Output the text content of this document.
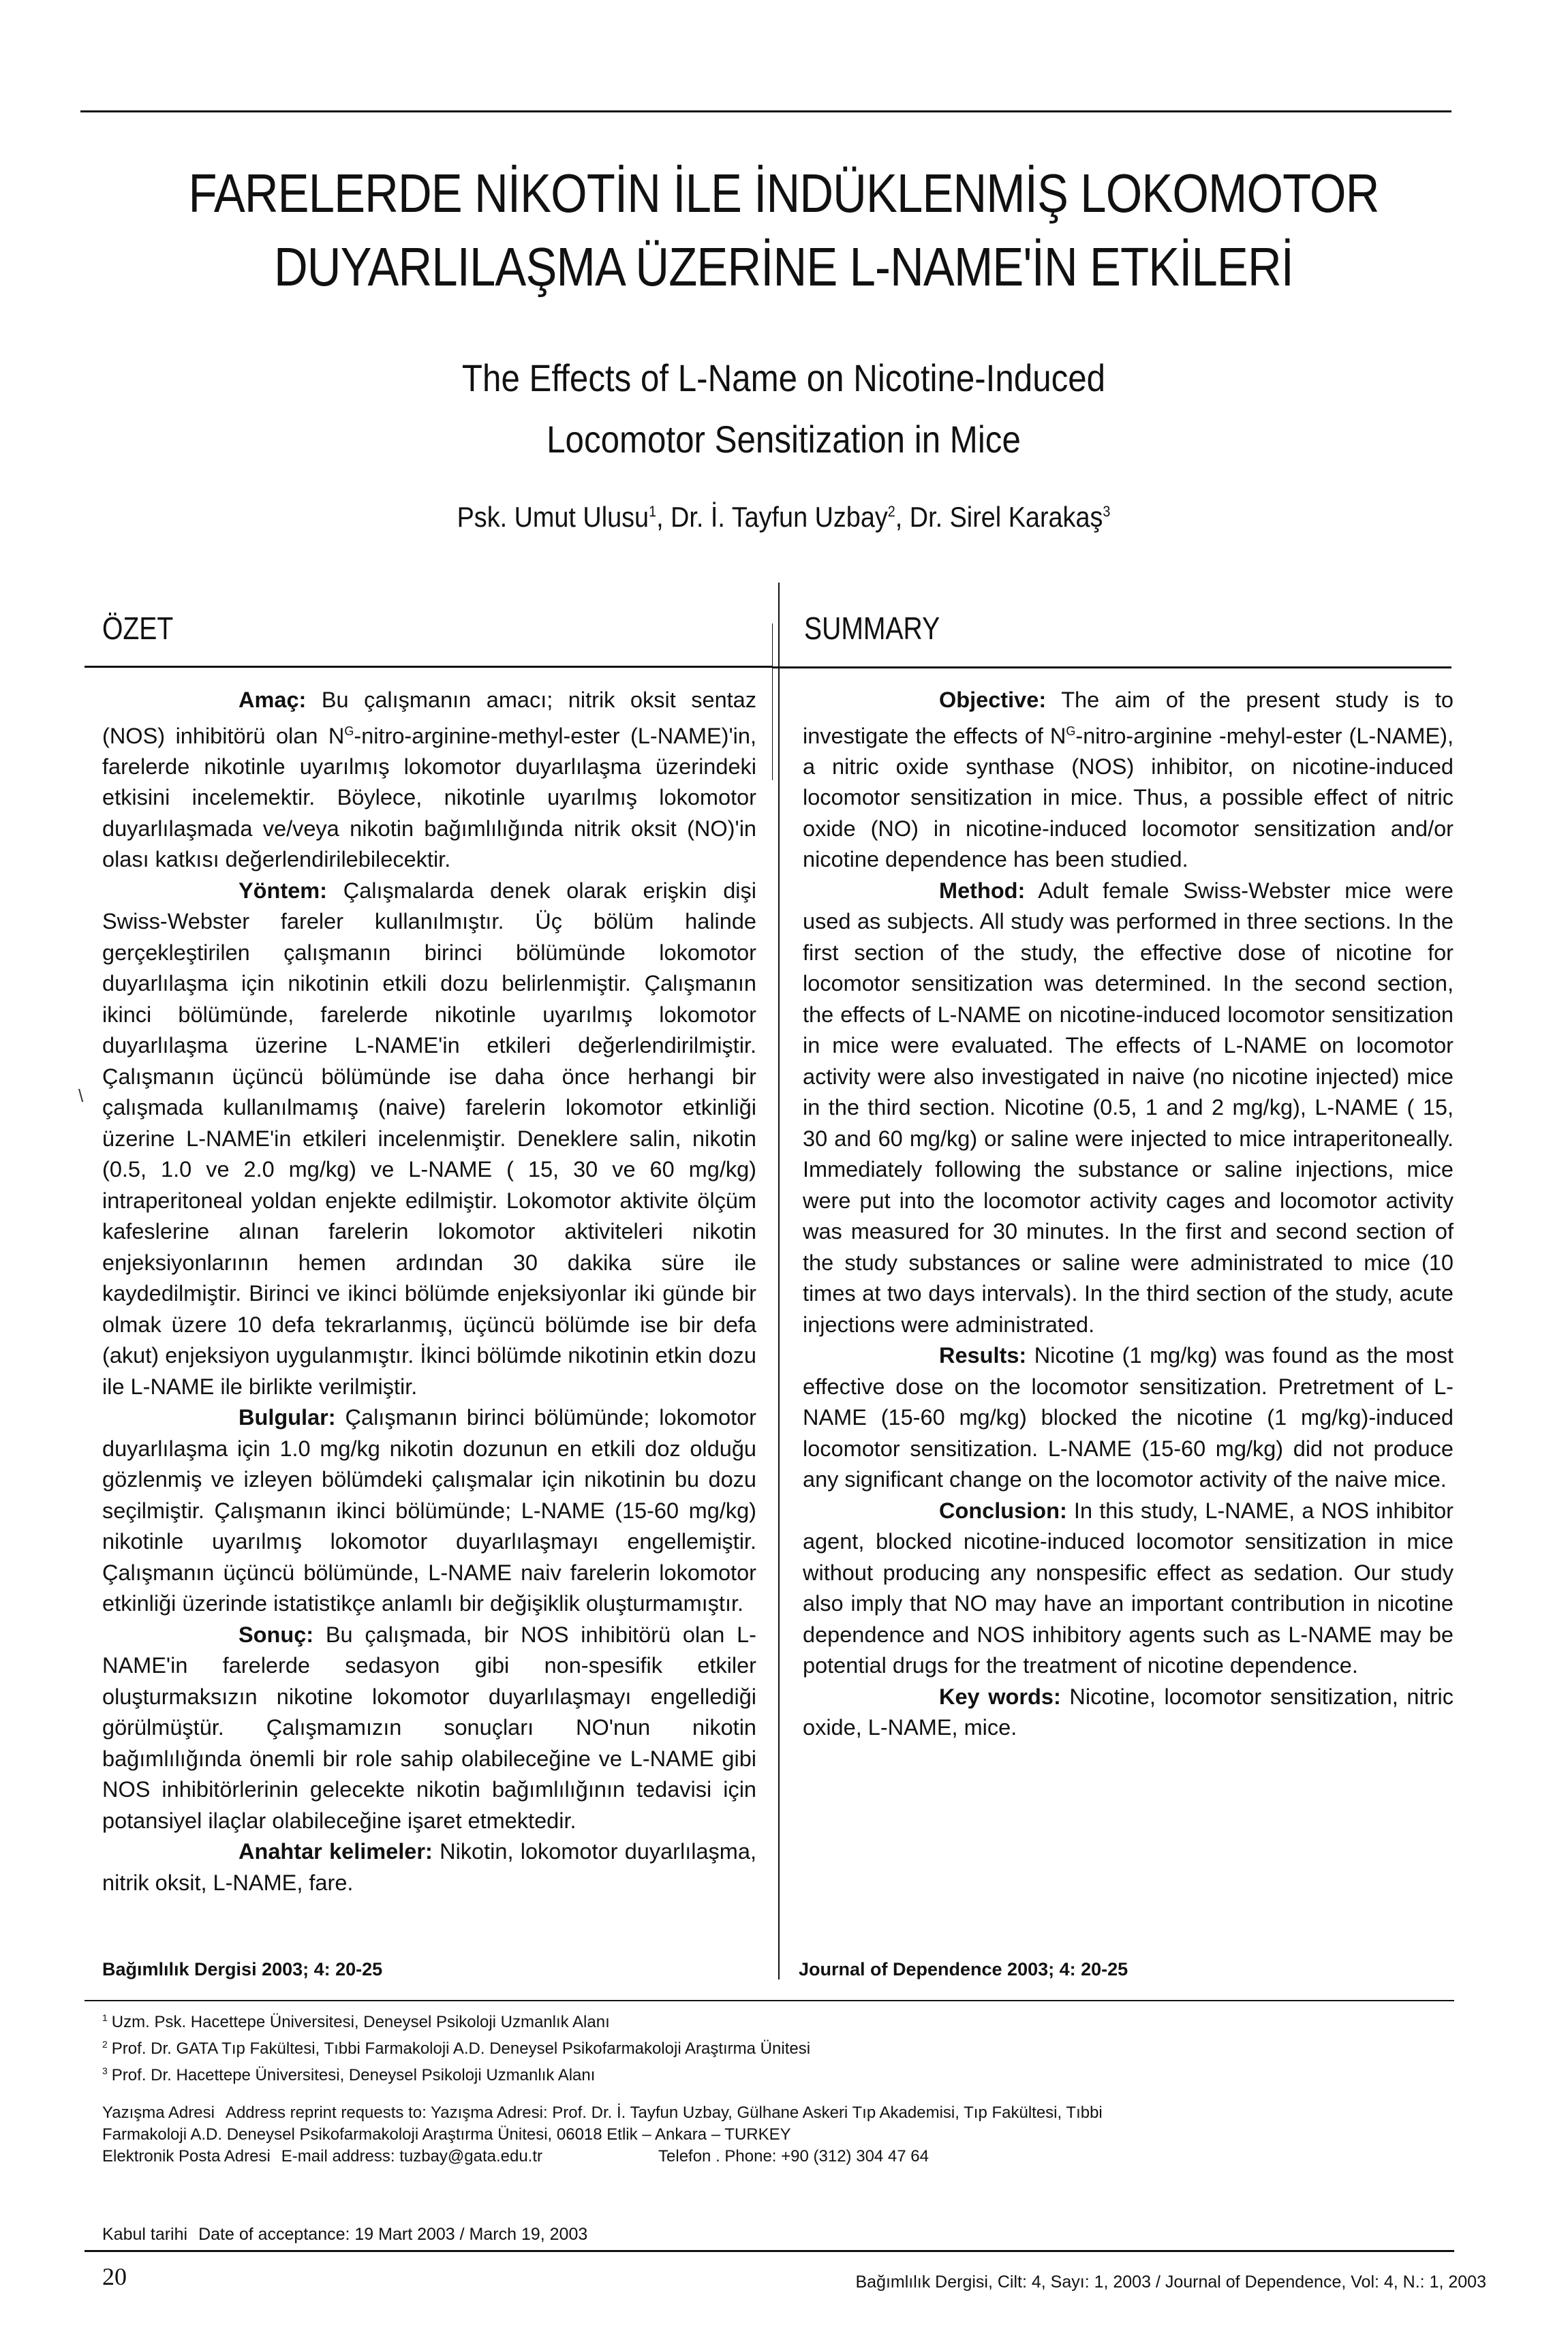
FARELERDE NİKOTİN İLE İNDÜKLENMİŞ LOKOMOTOR
DUYARLILAŞMA ÜZERİNE L-NAME'İN ETKİLERİ
The Effects of L-Name on Nicotine-Induced
Locomotor Sensitization in Mice
Psk. Umut Ulusu$^1$, Dr. İ. Tayfun Uzbay$^2$, Dr. Sirel Karakaş$^3$
ÖZET	SUMMARY
\

Amaç: Bu çalışmanın amacı; nitrik oksit sentaz (NOS) inhibitörü olan $N^G-nitro-arginine-methyl$-ester (L-NAME)'in, farelerde nikotinle uyarılmış lokomotor duyarlılaşma üzerindeki etkisini incelemektir. Böylece, nikotinle uyarılmış lokomotor duyarlılaşmada ve/veya nikotin bağımlılığında nitrik oksit (NO)'in olası katkısı değerlendirilebilecektir.

Yöntem: Çalışmalarda denek olarak erişkin dişi Swiss-Webster fareler kullanılmıştır. Üç bölüm halinde gerçekleştirilen çalışmanın birinci bölümünde lokomotor duyarlılaşma için nikotinin etkili dozu belirlenmiştir. Çalışmanın ikinci bölümünde, farelerde nikotinle uyarılmış lokomotor duyarlılaşma üzerine L-NAME'in etkileri değerlendirilmiştir. Çalışmanın üçüncü bölümünde ise daha önce herhangi bir çalışmada kullanılmamış (naive) farelerin lokomotor etkinliği üzerine L-NAME'in etkileri incelenmiştir. Deneklere salin, nikotin (0.5, 1.0 ve 2.0 mg/kg) ve L-NAME ( 15, 30 ve 60 mg/kg) intraperitoneal yoldan enjekte edilmiştir. Lokomotor aktivite ölçüm kafeslerine alınan farelerin lokomotor aktiviteleri nikotin enjeksiyonlarının hemen ardından 30 dakika süre ile kaydedilmiştir. Birinci ve ikinci bölümde enjeksiyonlar iki günde bir olmak üzere 10 defa tekrarlanmış, üçüncü bölümde ise bir defa (akut) enjeksiyon uygulanmıştır. İkinci bölümde nikotinin etkin dozu ile L-NAME ile birlikte verilmiştir.

Bulgular: Çalışmanın birinci bölümünde; lokomotor duyarlılaşma için 1.0 mg/kg nikotin dozunun en etkili doz olduğu gözlenmiş ve izleyen bölümdeki çalışmalar için nikotinin bu dozu seçilmiştir. Çalışmanın ikinci bölümünde; L-NAME (15-60 mg/kg) nikotinle uyarılmış lokomotor duyarlılaşmayı engellemiştir. Çalışmanın üçüncü bölümünde, L-NAME naiv farelerin lokomotor etkinliği üzerinde istatistikçe anlamlı bir değişiklik oluşturmamıştır.

Sonuç: Bu çalışmada, bir NOS inhibitörü olan L-NAME'in farelerde sedasyon gibi non-spesifik etkiler oluşturmaksızın nikotine lokomotor duyarlılaşmayı engellediği görülmüştür. Çalışmamızın sonuçları NO'nun nikotin bağımlılığında önemli bir role sahip olabileceğine ve L-NAME gibi NOS inhibitörlerinin gelecekte nikotin bağımlılığının tedavisi için potansiyel ilaçlar olabileceğine işaret etmektedir.

Anahtar kelimeler: Nikotin, lokomotor duyarlılaşma, nitrik oksit, L-NAME, fare.

Objective: The aim of the present study is to investigate the effects of $N^G-nitro$-arginine -mehyl-ester (L-NAME), a nitric oxide synthase (NOS) inhibitor, on nicotine-induced locomotor sensitization in mice. Thus, a possible effect of nitric oxide (NO) in nicotine-induced locomotor sensitization and/or nicotine dependence has been studied.

Method: Adult female Swiss-Webster mice were used as subjects. All study was performed in three sections. In the first section of the study, the effective dose of nicotine for locomotor sensitization was determined. In the second section, the effects of L-NAME on nicotine-induced locomotor sensitization in mice were evaluated. The effects of L-NAME on locomotor activity were also investigated in naive (no nicotine injected) mice in the third section. Nicotine (0.5, 1 and 2 mg/kg), L-NAME ( 15, 30 and 60 mg/kg) or saline were injected to mice intraperitoneally. Immediately following the substance or saline injections, mice were put into the locomotor activity cages and locomotor activity was measured for 30 minutes. In the first and second section of the study substances or saline were administrated to mice (10 times at two days intervals). In the third section of the study, acute injections were administrated.

Results: Nicotine (1 mg/kg) was found as the most effective dose on the locomotor sensitization. Pretretment of L-NAME (15-60 mg/kg) blocked the nicotine (1 mg/kg)-induced locomotor sensitization. L-NAME (15-60 mg/kg) did not produce any significant change on the locomotor activity of the naive mice.

Conclusion: In this study, L-NAME, a NOS inhibitor agent, blocked nicotine-induced locomotor sensitization in mice without producing any nonspesific effect as sedation. Our study also imply that NO may have an important contribution in nicotine dependence and NOS inhibitory agents such as L-NAME may be potential drugs for the treatment of nicotine dependence.

Key words: Nicotine, locomotor sensitization, nitric oxide, L-NAME, mice.

Bağımlılık Dergisi 2003; 4: 20-25	Journal of Dependence 2003; 4: 20-25
$^1$ Uzm. Psk. Hacettepe Üniversitesi, Deneysel Psikoloji Uzmanlık Alanı
$^2$ Prof. Dr. GATA Tıp Fakültesi, Tıbbi Farmakoloji A.D. Deneysel Psikofarmakoloji Araştırma Ünitesi
$^3$ Prof. Dr. Hacettepe Üniversitesi, Deneysel Psikoloji Uzmanlık Alanı
Yazışma Adresi Address reprint requests to: Yazışma Adresi: Prof. Dr. İ. Tayfun Uzbay, Gülhane Askeri Tıp Akademisi, Tıp Fakültesi, Tıbbi
Farmakoloji A.D. Deneysel Psikofarmakoloji Araştırma Ünitesi, 06018 Etlik – Ankara – TURKEY
Elektronik Posta Adresi E-mail address: tuzbay@gata.edu.tr	Telefon . Phone: +90 (312) 304 47 64
Kabul tarihi Date of acceptance: 19 Mart 2003 / March 19, 2003
20	Bağımlılık Dergisi, Cilt: 4, Sayı: 1, 2003 / Journal of Dependence, Vol: 4, N.: 1, 2003
